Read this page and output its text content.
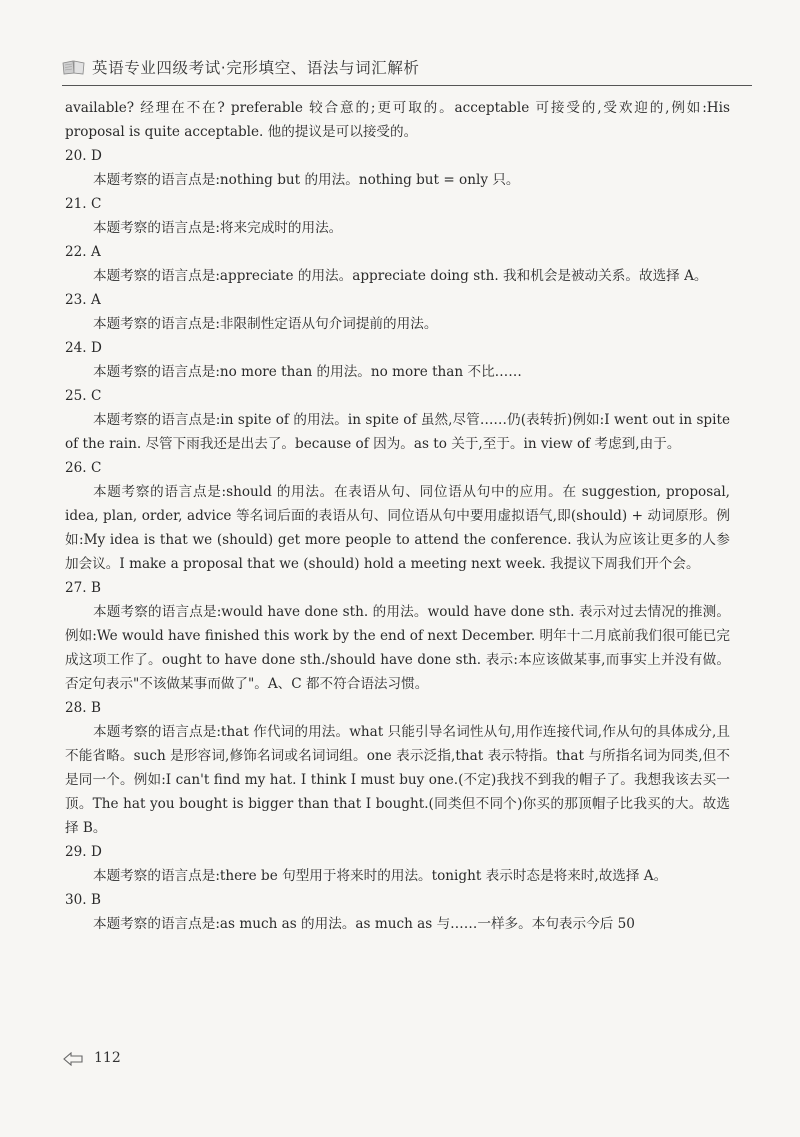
英语专业四级考试·完形填空、语法与词汇解析

available? 经理在不在? preferable 较合意的;更可取的。acceptable 可接受的,受欢迎的,例如:His proposal is quite acceptable. 他的提议是可以接受的。

20. D

本题考察的语言点是:nothing but 的用法。nothing but = only 只。

21. C

本题考察的语言点是:将来完成时的用法。

22. A

本题考察的语言点是:appreciate 的用法。appreciate doing sth. 我和机会是被动关系。故选择 A。

23. A

本题考察的语言点是:非限制性定语从句介词提前的用法。

24. D

本题考察的语言点是:no more than 的用法。no more than 不比……

25. C

本题考察的语言点是:in spite of 的用法。in spite of 虽然,尽管……仍(表转折)例如:I went out in spite of the rain. 尽管下雨我还是出去了。because of 因为。as to 关于,至于。in view of 考虑到,由于。

26. C

本题考察的语言点是:should 的用法。在表语从句、同位语从句中的应用。在 suggestion, proposal, idea, plan, order, advice 等名词后面的表语从句、同位语从句中要用虚拟语气,即(should) + 动词原形。例如:My idea is that we (should) get more people to attend the conference. 我认为应该让更多的人参加会议。I make a proposal that we (should) hold a meeting next week. 我提议下周我们开个会。

27. B

本题考察的语言点是:would have done sth. 的用法。would have done sth. 表示对过去情况的推测。例如:We would have finished this work by the end of next December. 明年十二月底前我们很可能已完成这项工作了。ought to have done sth./should have done sth. 表示:本应该做某事,而事实上并没有做。否定句表示"不该做某事而做了"。A、C 都不符合语法习惯。

28. B

本题考察的语言点是:that 作代词的用法。what 只能引导名词性从句,用作连接代词,作从句的具体成分,且不能省略。such 是形容词,修饰名词或名词词组。one 表示泛指,that 表示特指。that 与所指名词为同类,但不是同一个。例如:I can't find my hat. I think I must buy one.(不定)我找不到我的帽子了。我想我该去买一顶。The hat you bought is bigger than that I bought.(同类但不同个)你买的那顶帽子比我买的大。故选择 B。

29. D

本题考察的语言点是:there be 句型用于将来时的用法。tonight 表示时态是将来时,故选择 A。

30. B

本题考察的语言点是:as much as 的用法。as much as 与……一样多。本句表示今后 50

112
